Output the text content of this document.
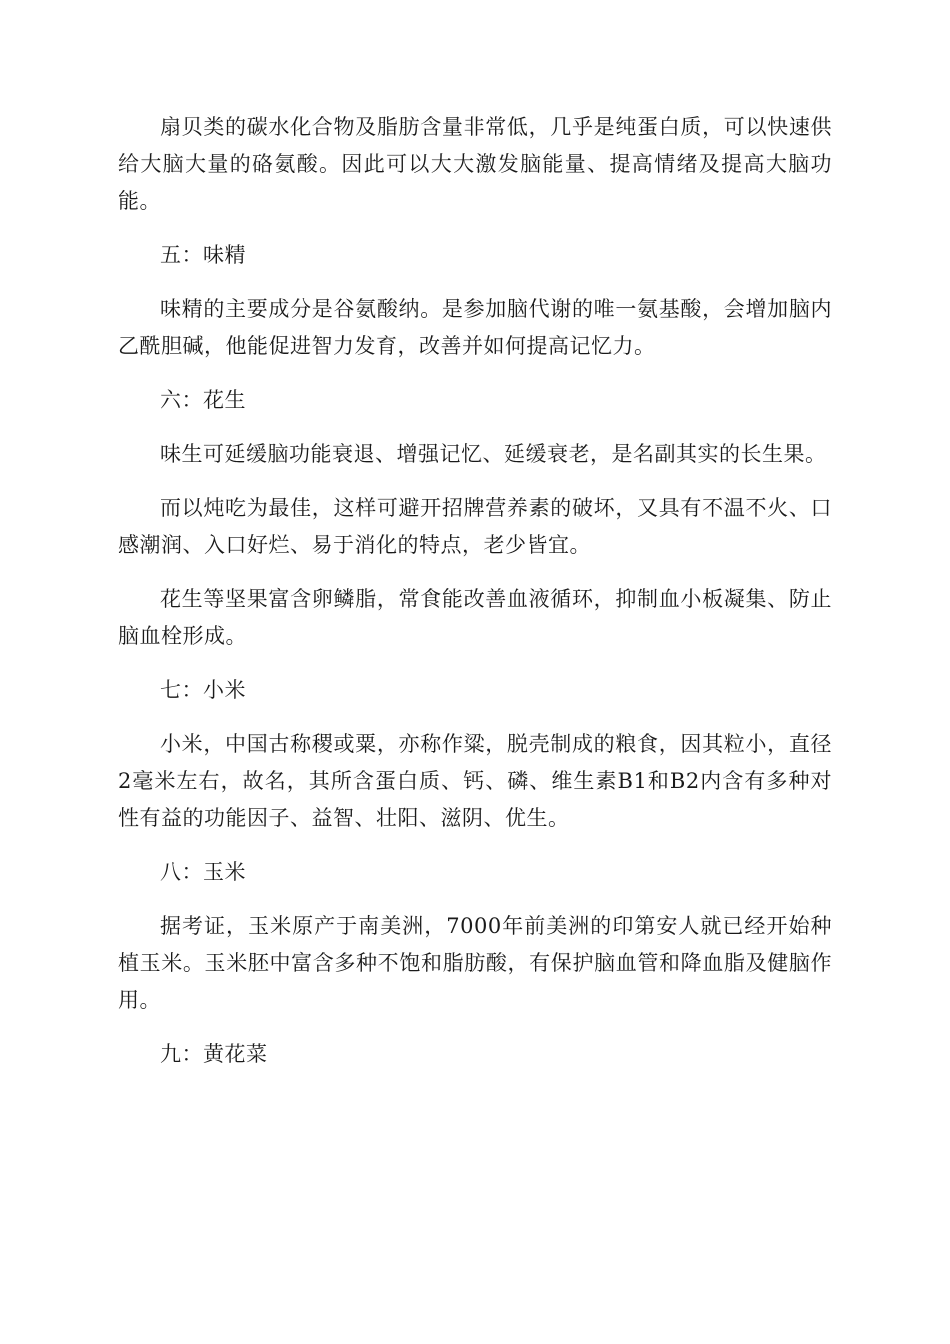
扇贝类的碳水化合物及脂肪含量非常低，几乎是纯蛋白质，可以快速供给大脑大量的硌氨酸。因此可以大大激发脑能量、提高情绪及提高大脑功能。

五：味精

味精的主要成分是谷氨酸纳。是参加脑代谢的唯一氨基酸，会增加脑内乙酰胆碱，他能促进智力发育，改善并如何提高记忆力。

六：花生

味生可延缓脑功能衰退、增强记忆、延缓衰老，是名副其实的长生果。

而以炖吃为最佳，这样可避开招牌营养素的破坏，又具有不温不火、口感潮润、入口好烂、易于消化的特点，老少皆宜。

花生等坚果富含卵鳞脂，常食能改善血液循环，抑制血小板凝集、防止脑血栓形成。

七：小米

小米，中国古称稷或粟，亦称作粱，脱壳制成的粮食，因其粒小，直径2毫米左右，故名，其所含蛋白质、钙、磷、维生素B1和B2内含有多种对性有益的功能因子、益智、壮阳、滋阴、优生。

八：玉米

据考证，玉米原产于南美洲，7000年前美洲的印第安人就已经开始种植玉米。玉米胚中富含多种不饱和脂肪酸，有保护脑血管和降血脂及健脑作用。

九：黄花菜
